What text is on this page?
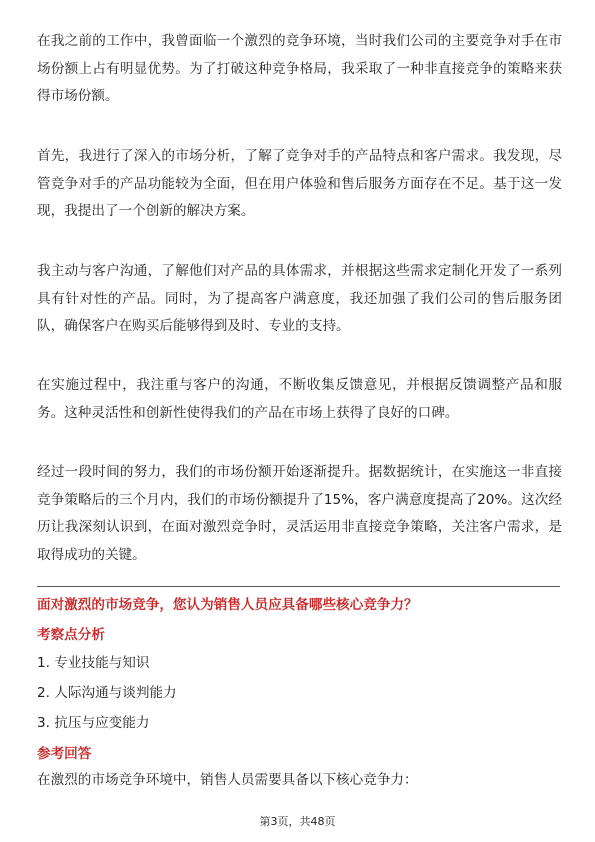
在我之前的工作中，我曾面临一个激烈的竞争环境，当时我们公司的主要竞争对手在市场份额上占有明显优势。为了打破这种竞争格局，我采取了一种非直接竞争的策略来获得市场份额。

首先，我进行了深入的市场分析，了解了竞争对手的产品特点和客户需求。我发现，尽管竞争对手的产品功能较为全面，但在用户体验和售后服务方面存在不足。基于这一发现，我提出了一个创新的解决方案。

我主动与客户沟通，了解他们对产品的具体需求，并根据这些需求定制化开发了一系列具有针对性的产品。同时，为了提高客户满意度，我还加强了我们公司的售后服务团队，确保客户在购买后能够得到及时、专业的支持。

在实施过程中，我注重与客户的沟通，不断收集反馈意见，并根据反馈调整产品和服务。这种灵活性和创新性使得我们的产品在市场上获得了良好的口碑。

经过一段时间的努力，我们的市场份额开始逐渐提升。据数据统计，在实施这一非直接竞争策略后的三个月内，我们的市场份额提升了15%，客户满意度提高了20%。这次经历让我深刻认识到，在面对激烈竞争时，灵活运用非直接竞争策略，关注客户需求，是取得成功的关键。

面对激烈的市场竞争，您认为销售人员应具备哪些核心竞争力？

考察点分析

1. 专业技能与知识
2. 人际沟通与谈判能力
3. 抗压与应变能力

参考回答

在激烈的市场竞争环境中，销售人员需要具备以下核心竞争力：

第3页，共48页
